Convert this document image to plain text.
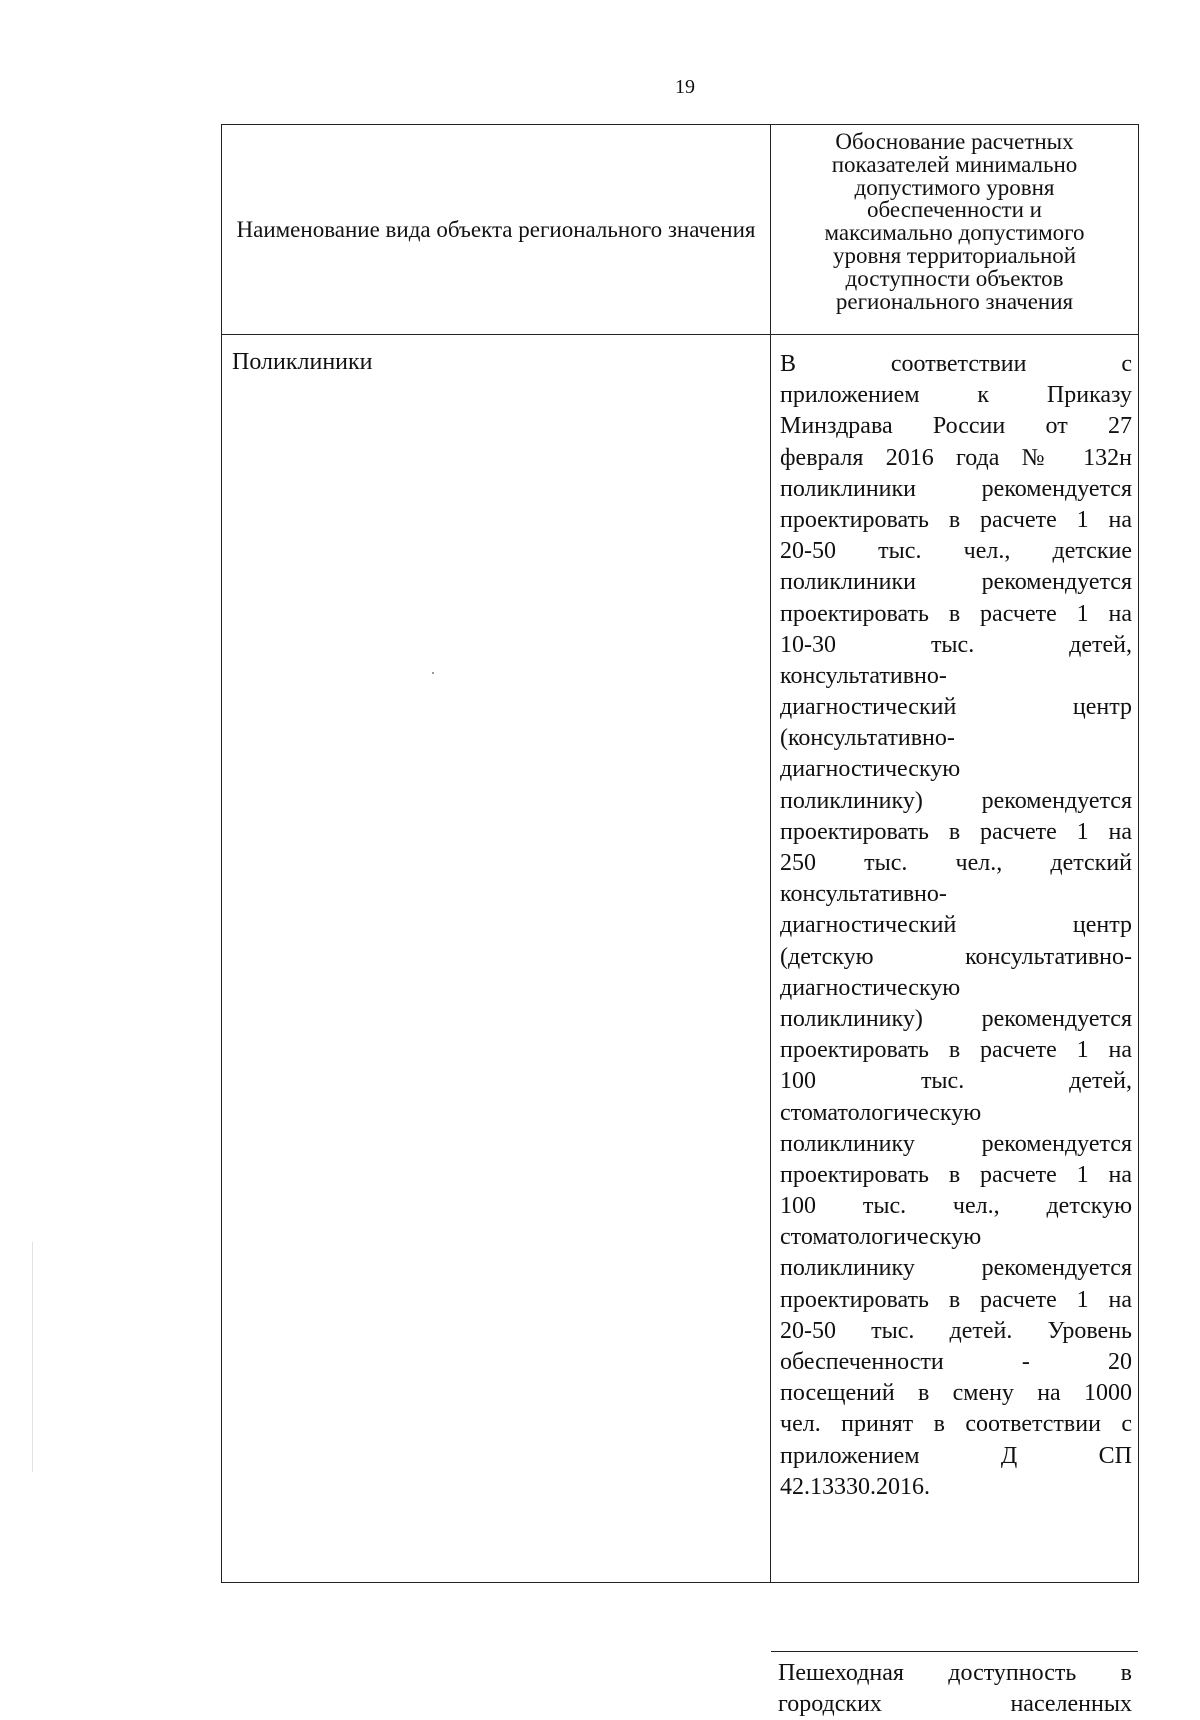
19
Наименование вида объекта регионального значения
Обоснование расчетных
показателей минимально
допустимого уровня
обеспеченности и
максимально допустимого
уровня территориальной
доступности объектов
регионального значения
Поликлиники	В соответствии с
приложением к Приказу
Минздрава России от 27
февраля 2016 года № 132н
поликлиники рекомендуется
проектировать в расчете 1 на
20-50 тыс. чел., детские
поликлиники рекомендуется
проектировать в расчете 1 на
10-30 тыс. детей,
консультативно-
диагностический центр
(консультативно-
диагностическую
поликлинику) рекомендуется
проектировать в расчете 1 на
250 тыс. чел., детский
консультативно-
диагностический центр
(детскую консультативно-
диагностическую
поликлинику) рекомендуется
проектировать в расчете 1 на
100 тыс. детей,
стоматологическую
поликлинику рекомендуется
проектировать в расчете 1 на
100 тыс. чел., детскую
стоматологическую
поликлинику рекомендуется
проектировать в расчете 1 на
20-50 тыс. детей. Уровень
обеспеченности - 20
посещений в смену на 1000
чел. принят в соответствии с
приложением Д СП
42.13330.2016.
Пешеходная доступность в
городских населенных
